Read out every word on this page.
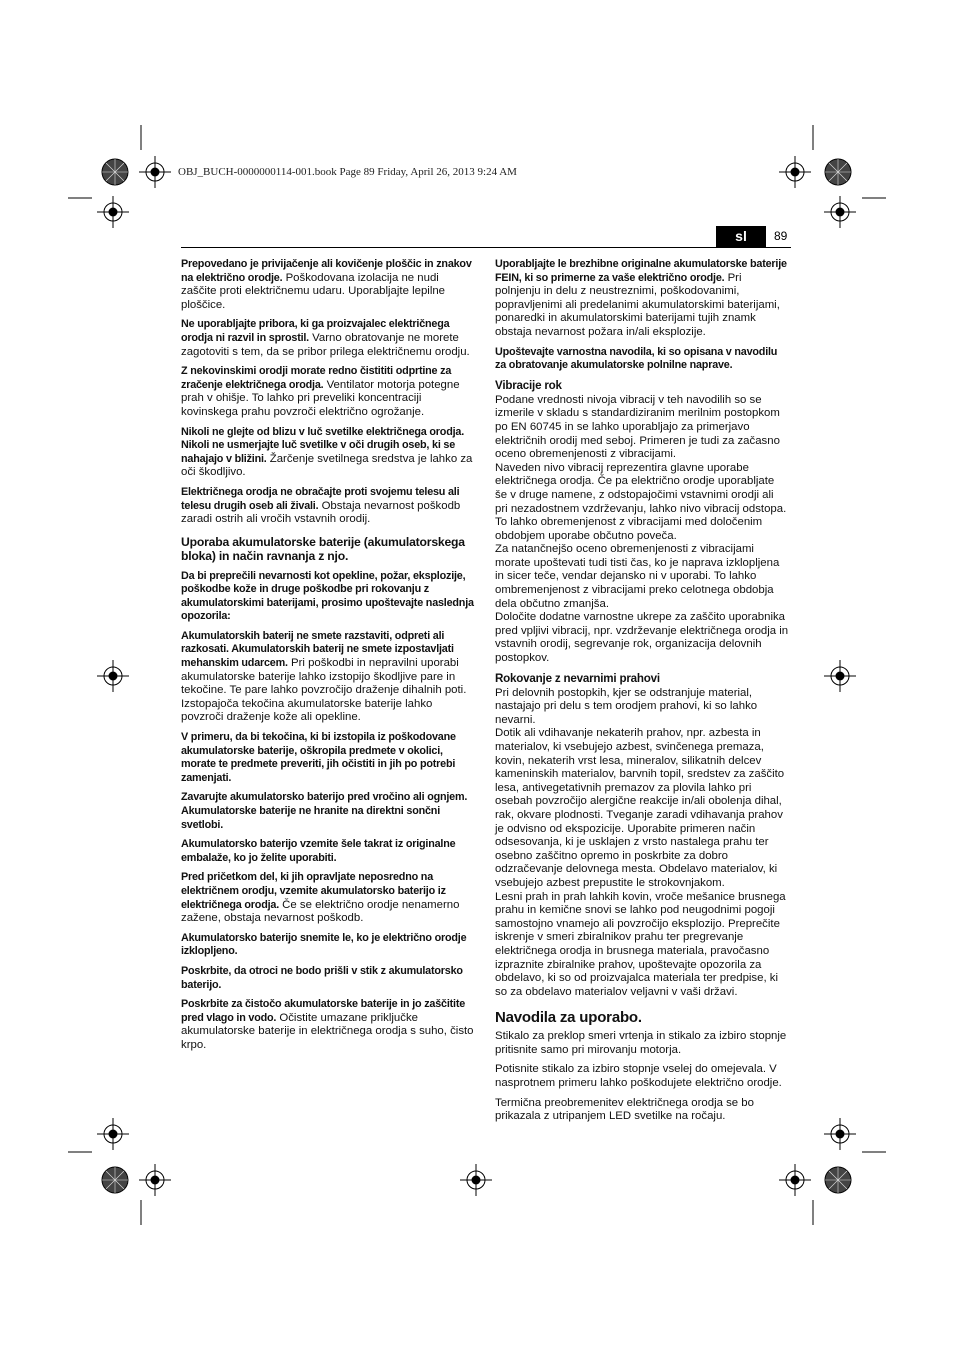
OBJ_BUCH-0000000114-001.book Page 89 Friday, April 26, 2013 9:24 AM
sl	89

Prepovedano je privijačenje ali kovičenje ploščic in znakov na električno orodje. Poškodovana izolacija ne nudi zaščite proti električnemu udaru. Uporabljajte lepilne ploščice.

Ne uporabljajte pribora, ki ga proizvajalec električnega orodja ni razvil in sprostil. Varno obratovanje ne morete zagotoviti s tem, da se pribor prilega električnemu orodju.

Z nekovinskimi orodji morate redno čistititi odprtine za zračenje električnega orodja. Ventilator motorja potegne prah v ohišje. To lahko pri preveliki koncentraciji kovinskega prahu povzroči električno ogrožanje.

Nikoli ne glejte od blizu v luč svetilke električnega orodja. Nikoli ne usmerjajte luč svetilke v oči drugih oseb, ki se nahajajo v bližini. Žarčenje svetilnega sredstva je lahko za oči škodljivo.

Električnega orodja ne obračajte proti svojemu telesu ali telesu drugih oseb ali živali. Obstaja nevarnost poškodb zaradi ostrih ali vročih vstavnih orodij.

Uporaba akumulatorske baterije (akumulatorskega bloka) in način ravnanja z njo.

Da bi preprečili nevarnosti kot opekline, požar, eksplozije, poškodbe kože in druge poškodbe pri rokovanju z akumulatorskimi baterijami, prosimo upoštevajte naslednja opozorila:

Akumulatorskih baterij ne smete razstaviti, odpreti ali razkosati. Akumulatorskih baterij ne smete izpostavljati mehanskim udarcem. Pri poškodbi in nepravilni uporabi akumulatorske baterije lahko izstopijo škodljive pare in tekočine. Te pare lahko povzročijo draženje dihalnih poti. Izstopajoča tekočina akumulatorske baterije lahko povzroči draženje kože ali opekline.

V primeru, da bi tekočina, ki bi izstopila iz poškodovane akumulatorske baterije, oškropila predmete v okolici, morate te predmete preveriti, jih očistiti in jih po potrebi zamenjati.

Zavarujte akumulatorsko baterijo pred vročino ali ognjem. Akumulatorske baterije ne hranite na direktni sončni svetlobi.

Akumulatorsko baterijo vzemite šele takrat iz originalne embalaže, ko jo želite uporabiti.

Pred pričetkom del, ki jih opravljate neposredno na električnem orodju, vzemite akumulatorsko baterijo iz električnega orodja. Če se električno orodje nenamerno zažene, obstaja nevarnost poškodb.

Akumulatorsko baterijo snemite le, ko je električno orodje izklopljeno.

Poskrbite, da otroci ne bodo prišli v stik z akumulatorsko baterijo.

Poskrbite za čistočo akumulatorske baterije in jo zaščitite pred vlago in vodo. Očistite umazane priključke akumulatorske baterije in električnega orodja s suho, čisto krpo.

Uporabljajte le brezhibne originalne akumulatorske baterije FEIN, ki so primerne za vaše električno orodje. Pri polnjenju in delu z neustreznimi, poškodovanimi, popravljenimi ali predelanimi akumulatorskimi baterijami, ponaredki in akumulatorskimi baterijami tujih znamk obstaja nevarnost požara in/ali eksplozije.

Upoštevajte varnostna navodila, ki so opisana v navodilu za obratovanje akumulatorske polnilne naprave.

Vibracije rok

Podane vrednosti nivoja vibracij v teh navodilih so se izmerile v skladu s standardiziranim merilnim postopkom po EN 60745 in se lahko uporabljajo za primerjavo električnih orodij med seboj. Primeren je tudi za začasno oceno obremenjenosti z vibracijami.

Naveden nivo vibracij reprezentira glavne uporabe električnega orodja. Če pa električno orodje uporabljate še v druge namene, z odstopajočimi vstavnimi orodji ali pri nezadostnem vzdrževanju, lahko nivo vibracij odstopa. To lahko obremenjenost z vibracijami med določenim obdobjem uporabe občutno poveča.

Za natančnejšo oceno obremenjenosti z vibracijami morate upoštevati tudi tisti čas, ko je naprava izklopljena in sicer teče, vendar dejansko ni v uporabi. To lahko ombremenjenost z vibracijami preko celotnega obdobja dela občutno zmanjša.

Določite dodatne varnostne ukrepe za zaščito uporabnika pred vpljivi vibracij, npr. vzdrževanje električnega orodja in vstavnih orodij, segrevanje rok, organizacija delovnih postopkov.

Rokovanje z nevarnimi prahovi

Pri delovnih postopkih, kjer se odstranjuje material, nastajajo pri delu s tem orodjem prahovi, ki so lahko nevarni.

Dotik ali vdihavanje nekaterih prahov, npr. azbesta in materialov, ki vsebujejo azbest, svinčenega premaza, kovin, nekaterih vrst lesa, mineralov, silikatnih delcev kameninskih materialov, barvnih topil, sredstev za zaščito lesa, antivegetativnih premazov za plovila lahko pri osebah povzročijo alergične reakcije in/ali obolenja dihal, rak, okvare plodnosti. Tveganje zaradi vdihavanja prahov je odvisno od ekspozicije. Uporabite primeren način odsesovanja, ki je usklajen z vrsto nastalega prahu ter osebno zaščitno opremo in poskrbite za dobro odzračevanje delovnega mesta. Obdelavo materialov, ki vsebujejo azbest prepustite le strokovnjakom.

Lesni prah in prah lahkih kovin, vroče mešanice brusnega prahu in kemične snovi se lahko pod neugodnimi pogoji samostojno vnamejo ali povzročijo eksplozijo. Preprečite iskrenje v smeri zbiralnikov prahu ter pregrevanje električnega orodja in brusnega materiala, pravočasno izpraznite zbiralnike prahov, upoštevajte opozorila za obdelavo, ki so od proizvajalca materiala ter predpise, ki so za obdelavo materialov veljavni v vaši državi.

Navodila za uporabo.

Stikalo za preklop smeri vrtenja in stikalo za izbiro stopnje pritisnite samo pri mirovanju motorja.

Potisnite stikalo za izbiro stopnje vselej do omejevala. V nasprotnem primeru lahko poškodujete električno orodje.

Termična preobremenitev električnega orodja se bo prikazala z utripanjem LED svetilke na ročaju.
